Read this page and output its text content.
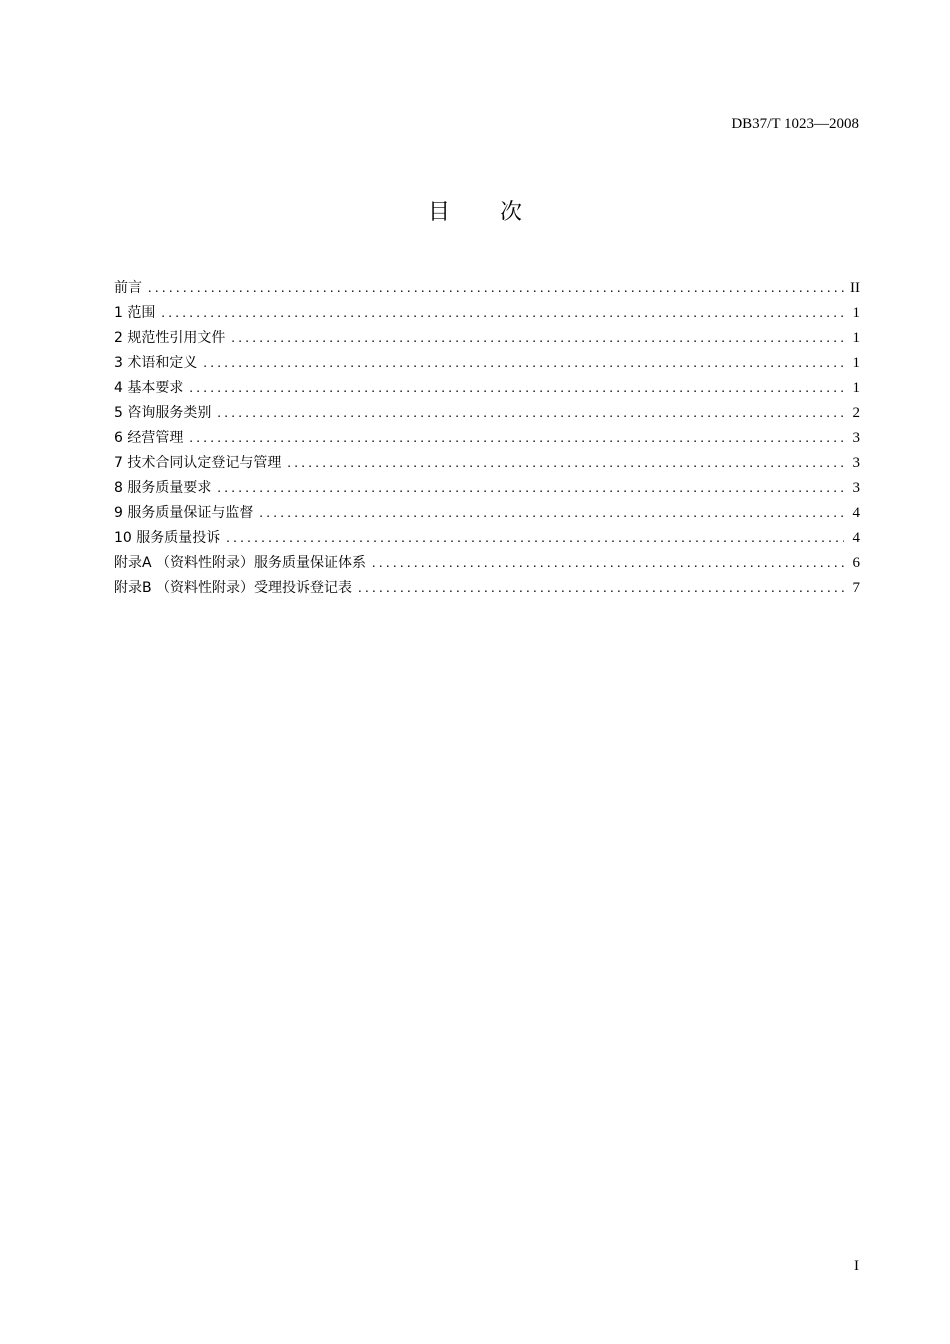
DB37/T 1023—2008
目次
前言 . . .	II
1 范围 . . .	1
2 规范性引用文件 . . .	1
3 术语和定义 . . .	1
4 基本要求 . . .	1
5 咨询服务类别 . . .	2
6 经营管理 . . .	3
7 技术合同认定登记与管理 . . .	3
8 服务质量要求 . . .	3
9 服务质量保证与监督 . . .	4
10 服务质量投诉 . . .	4
附录A （资料性附录）服务质量保证体系 . . .	6
附录B （资料性附录）受理投诉登记表 . . .	7
I
